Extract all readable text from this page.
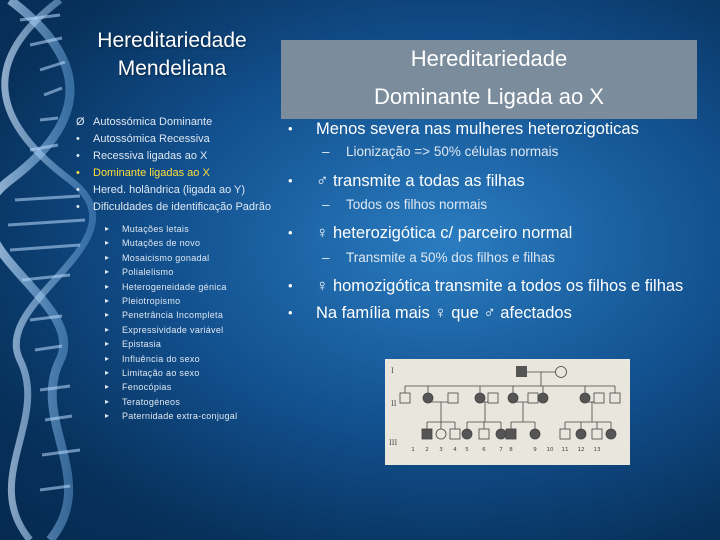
Hereditariedade
Mendeliana
Ø Autossómica Dominante
•	Autossómica Recessiva
•	Recessiva ligadas ao X
•	Dominante ligadas ao X
•	Hered. holândrica (ligada ao Y)
•	Dificuldades de identificação Padrão
▸ Mutações letais
▸ Mutações de novo
▸ Mosaicismo gonadal
▸ Polialelismo
▸ Heterogeneidade génica
▸ Pleiotropismo
▸ Penetrância Incompleta
▸ Expressividade variável
▸ Epistasia
▸ Influência do sexo
▸ Limitação ao sexo
▸ Fenocópias
▸ Teratogéneos
▸ Paternidade extra-conjugal
Hereditariedade
Dominante Ligada ao X
• Menos severa nas mulheres heterozigoticas
– Lionização => 50% células normais
• ♂ transmite a todas as filhas
– Todos os filhos normais
• ♀ heterozigótica c/ parceiro normal
– Transmite a 50% dos filhos e filhas
• ♀ homozigótica transmite a todos os filhos e filhas
• Na família mais ♀ que ♂ afectados
I
II
III
1 2 3 4 5 6 7 8	9 10 11 12 13
